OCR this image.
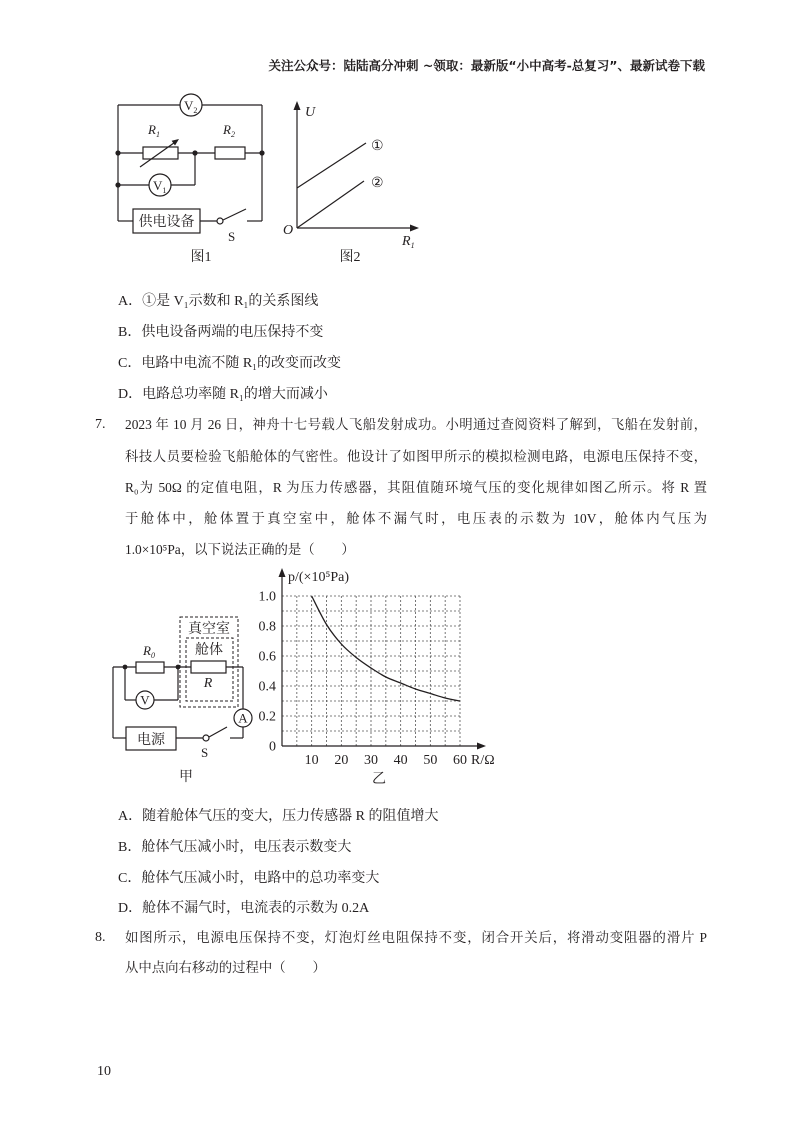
关注公众号：陆陆高分冲刺 ~领取：最新版“小中高考-总复习”、最新试卷下载
$V_2$
$R_1$	$R_2$
$V_1$
供电设备
S
图1
U
O
$R_1$
①
②
图2
真空室
舱体
$R_0$
R
V
A
电源
S
甲
0
0.2
0.4
0.6
0.8
1.0
10 20 30 40 50 60
p/(×10⁵Pa)
R/Ω
乙
A．①是 V₁示数和 R₁的关系图线
B．供电设备两端的电压保持不变
C．电路中电流不随 R₁的改变而改变
D．电路总功率随 R₁的增大而减小
7. 2023 年 10 月 26 日，神舟十七号载人飞船发射成功。小明通过查阅资料了解到，飞船在发射前，
科技人员要检验飞船舱体的气密性。他设计了如图甲所示的模拟检测电路，电源电压保持不变，
R₀为 50Ω 的定值电阻，R 为压力传感器，其阻值随环境气压的变化规律如图乙所示。将 R 置
于舱体中，舱体置于真空室中，舱体不漏气时，电压表的示数为 10V，舱体内气压为
1.0×10⁵Pa，以下说法正确的是（　　）
A．随着舱体气压的变大，压力传感器 R 的阻值增大
B．舱体气压减小时，电压表示数变大
C．舱体气压减小时，电路中的总功率变大
D．舱体不漏气时，电流表的示数为 0.2A
8. 如图所示，电源电压保持不变，灯泡灯丝电阻保持不变，闭合开关后，将滑动变阻器的滑片 P
从中点向右移动的过程中（　　）
10
